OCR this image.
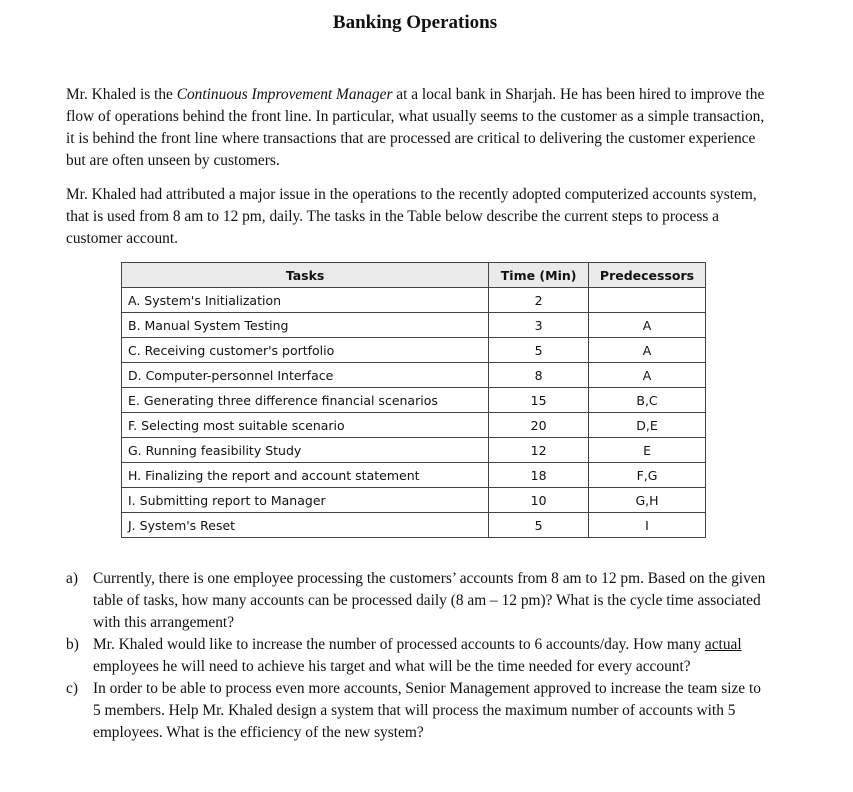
Banking Operations

Mr. Khaled is the Continuous Improvement Manager at a local bank in Sharjah. He has been hired to improve the flow of operations behind the front line. In particular, what usually seems to the customer as a simple transaction, it is behind the front line where transactions that are processed are critical to delivering the customer experience but are often unseen by customers.

Mr. Khaled had attributed a major issue in the operations to the recently adopted computerized accounts system, that is used from 8 am to 12 pm, daily. The tasks in the Table below describe the current steps to process a customer account.

Tasks	Time (Min)	Predecessors
A. System's Initialization	2	
B. Manual System Testing	3	A
C. Receiving customer's portfolio	5	A
D. Computer-personnel Interface	8	A
E. Generating three difference financial scenarios	15	B,C
F. Selecting most suitable scenario	20	D,E
G. Running feasibility Study	12	E
H. Finalizing the report and account statement	18	F,G
I. Submitting report to Manager	10	G,H
J. System's Reset	5	I
a) Currently, there is one employee processing the customers’ accounts from 8 am to 12 pm. Based on the given table of tasks, how many accounts can be processed daily (8 am – 12 pm)? What is the cycle time associated with this arrangement?
b) Mr. Khaled would like to increase the number of processed accounts to 6 accounts/day. How many actual employees he will need to achieve his target and what will be the time needed for every account?
c) In order to be able to process even more accounts, Senior Management approved to increase the team size to 5 members. Help Mr. Khaled design a system that will process the maximum number of accounts with 5 employees. What is the efficiency of the new system?
